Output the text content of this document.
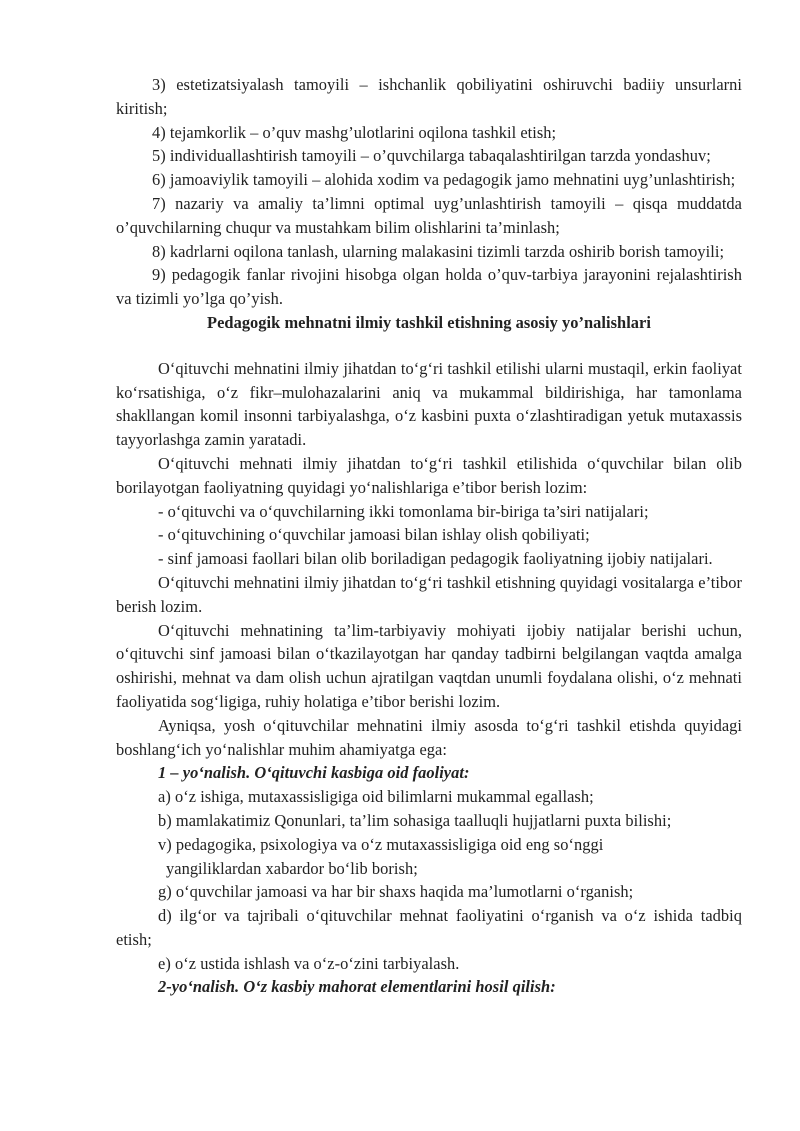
3) estetizatsiyalash tamoyili – ishchanlik qobiliyatini oshiruvchi badiiy unsurlarni kiritish;

4) tejamkorlik – o’quv mashg’ulotlarini oqilona tashkil etish;

5) individuallashtirish tamoyili – o’quvchilarga tabaqalashtirilgan tarzda yondashuv;

6) jamoaviylik tamoyili – alohida xodim va pedagogik jamo mehnatini uyg’unlashtirish;

7) nazariy va amaliy ta’limni optimal uyg’unlashtirish tamoyili – qisqa muddatda o’quvchilarning chuqur va mustahkam bilim olishlarini ta’minlash;

8) kadrlarni oqilona tanlash, ularning malakasini tizimli tarzda oshirib borish tamoyili;

9) pedagogik fanlar rivojini hisobga olgan holda o’quv-tarbiya jarayonini rejalashtirish va tizimli yo’lga qo’yish.

Pedagogik mehnatni ilmiy tashkil etishning asosiy yo’nalishlari

O‘qituvchi mehnatini ilmiy jihatdan to‘g‘ri tashkil etilishi ularni mustaqil, erkin faoliyat ko‘rsatishiga, o‘z fikr–mulohazalarini aniq va mukammal bildirishiga, har tamonlama shakllangan komil insonni tarbiyalashga, o‘z kasbini puxta o‘zlashtiradigan yetuk mutaxassis tayyorlashga zamin yaratadi.

O‘qituvchi mehnati ilmiy jihatdan to‘g‘ri tashkil etilishida o‘quvchilar bilan olib borilayotgan faoliyatning quyidagi yo‘nalishlariga e’tibor berish lozim:

- o‘qituvchi va o‘quvchilarning ikki tomonlama bir-biriga ta’siri natijalari;

- o‘qituvchining o‘quvchilar jamoasi bilan ishlay olish qobiliyati;

- sinf jamoasi faollari bilan olib boriladigan pedagogik faoliyatning ijobiy natijalari.

O‘qituvchi mehnatini ilmiy jihatdan to‘g‘ri tashkil etishning quyidagi vositalarga e’tibor berish lozim.

O‘qituvchi mehnatining ta’lim-tarbiyaviy mohiyati ijobiy natijalar berishi uchun, o‘qituvchi sinf jamoasi bilan o‘tkazilayotgan har qanday tadbirni belgilangan vaqtda amalga oshirishi, mehnat va dam olish uchun ajratilgan vaqtdan unumli foydalana olishi, o‘z mehnati faoliyatida sog‘ligiga, ruhiy holatiga e’tibor berishi lozim.

Ayniqsa, yosh o‘qituvchilar mehnatini ilmiy asosda to‘g‘ri tashkil etishda quyidagi boshlang‘ich yo‘nalishlar muhim ahamiyatga ega:

1 – yo‘nalish. O‘qituvchi kasbiga oid faoliyat:

a) o‘z ishiga, mutaxassisligiga oid bilimlarni mukammal egallash;

b) mamlakatimiz Qonunlari, ta’lim sohasiga taalluqli hujjatlarni puxta bilishi;

v) pedagogika, psixologiya va o‘z mutaxassisligiga oid eng so‘nggi

yangiliklardan xabardor bo‘lib borish;

g) o‘quvchilar jamoasi va har bir shaxs haqida ma’lumotlarni o‘rganish;

d) ilg‘or va tajribali o‘qituvchilar mehnat faoliyatini o‘rganish va o‘z ishida tadbiq etish;

e) o‘z ustida ishlash va o‘z-o‘zini tarbiyalash.

2-yo‘nalish. O‘z kasbiy mahorat elementlarini hosil qilish:
